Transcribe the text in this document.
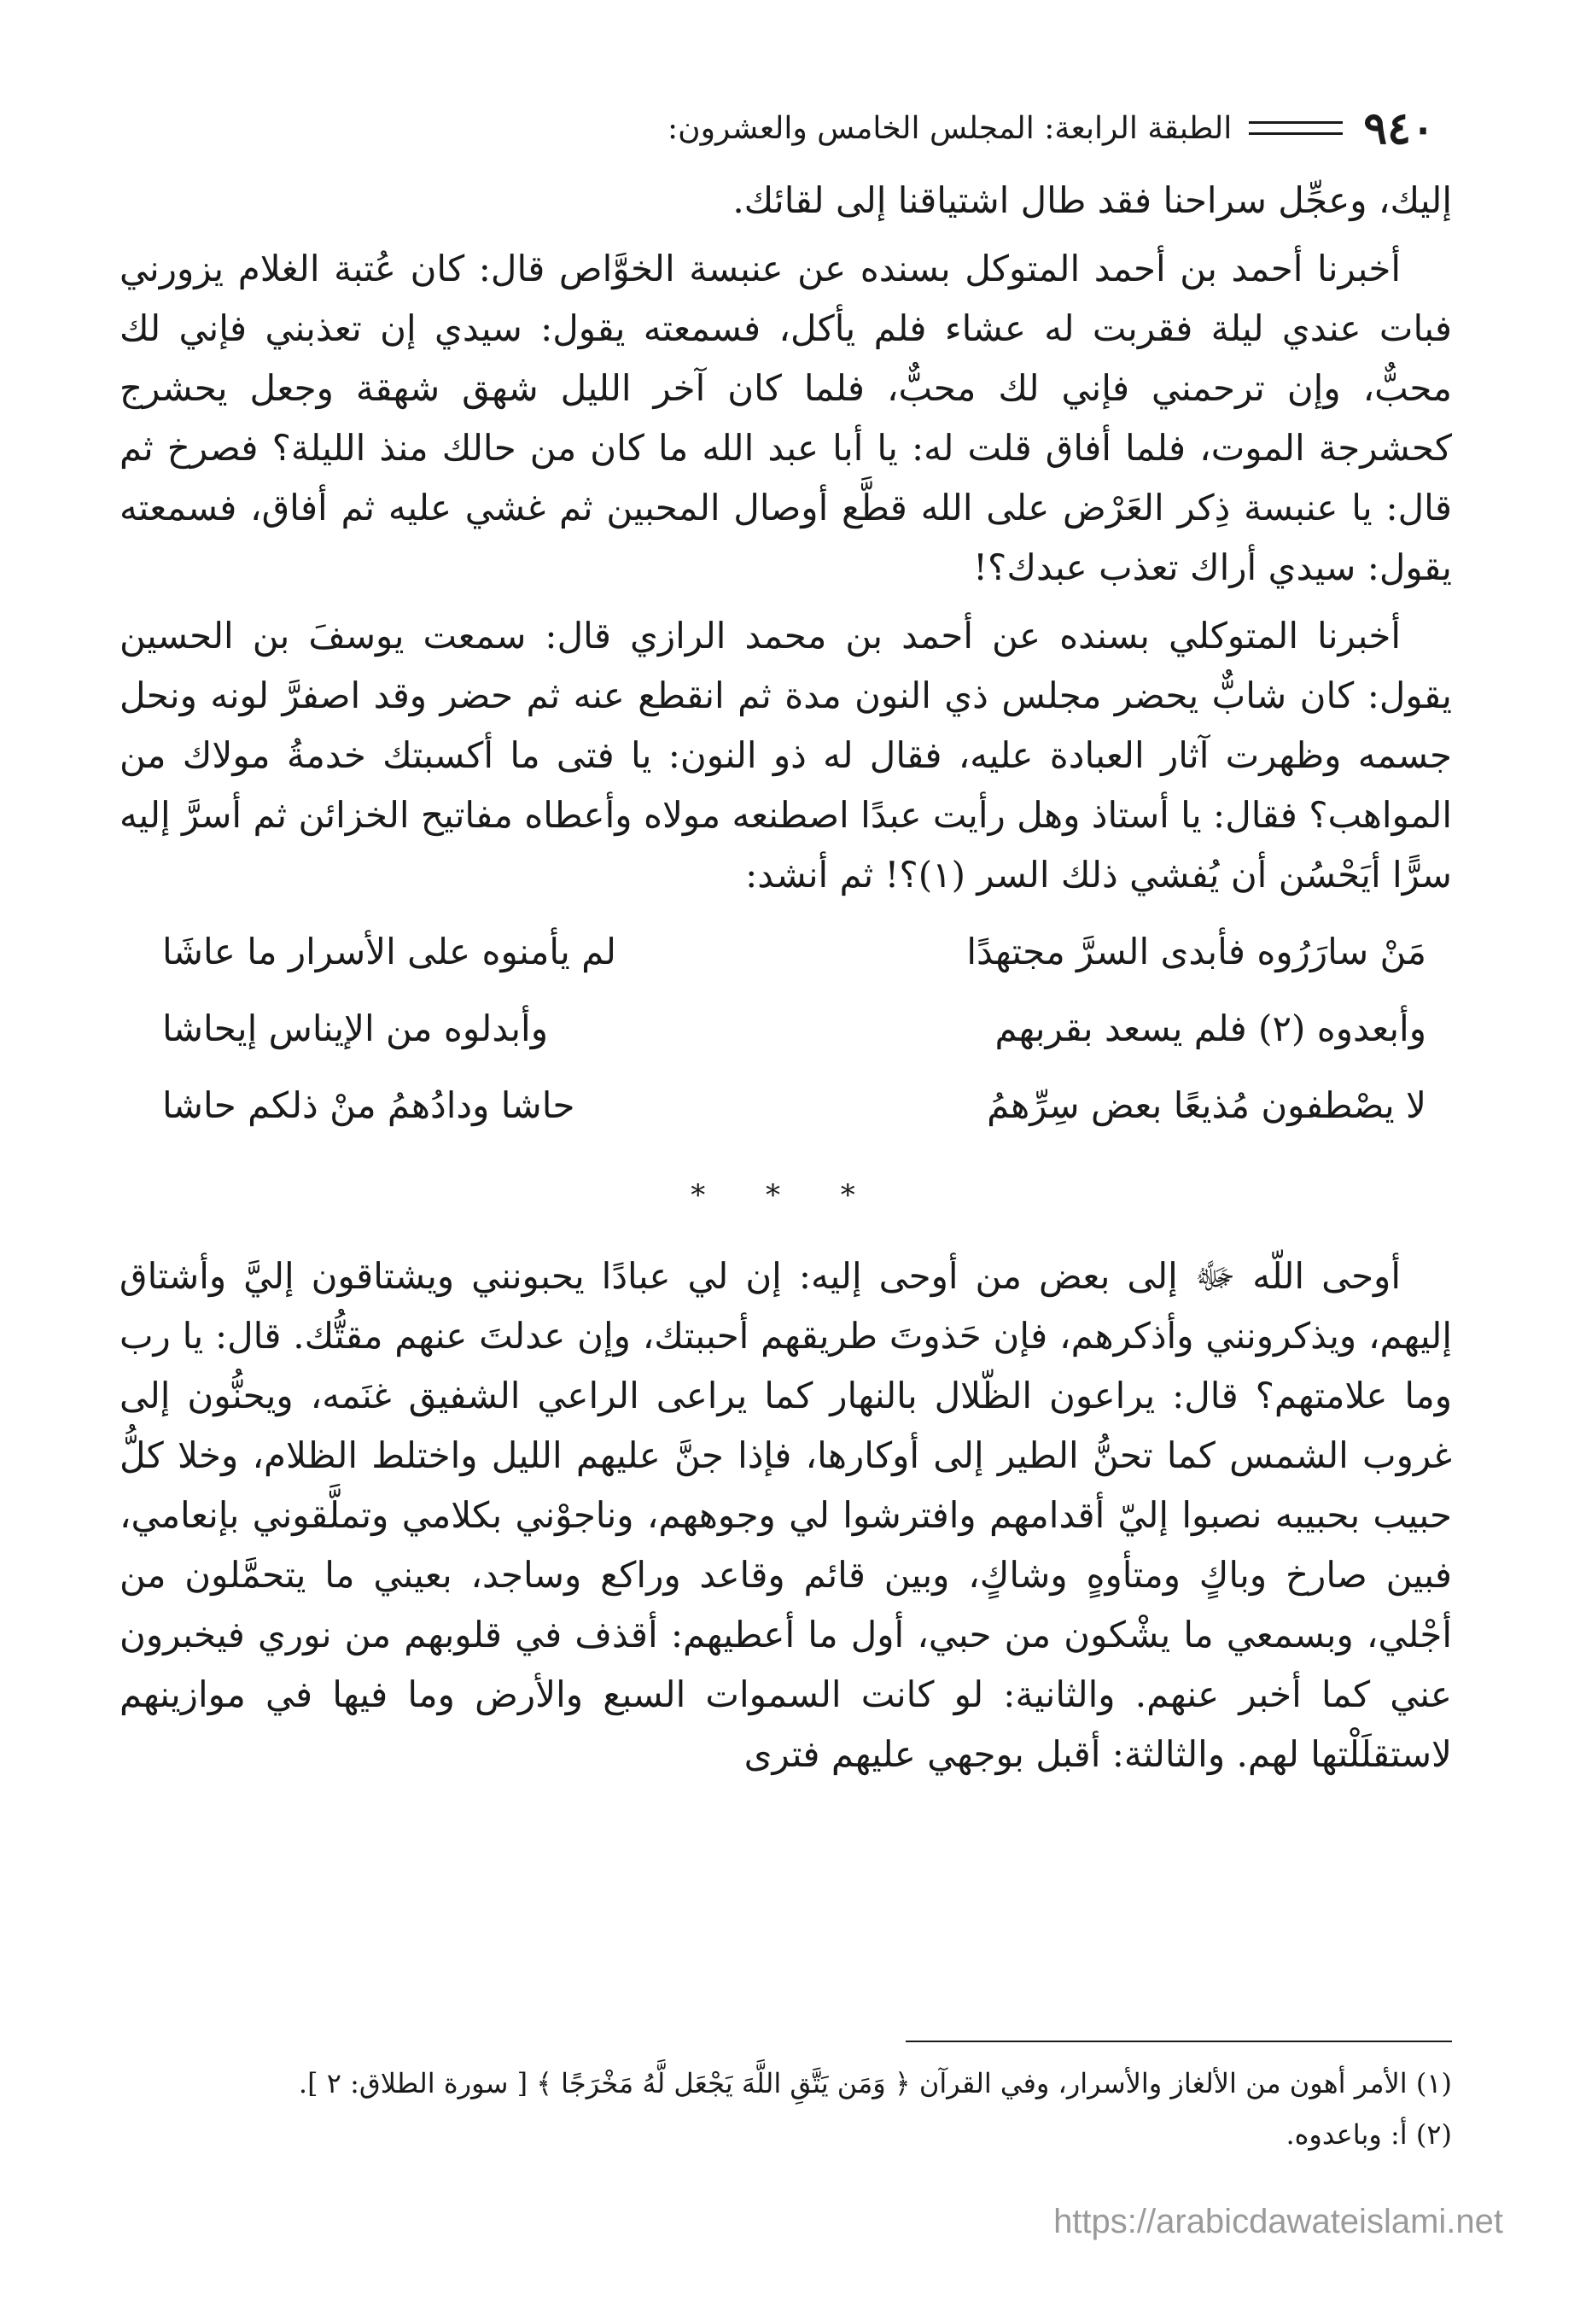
٩٤٠
الطبقة الرابعة: المجلس الخامس والعشرون:

إليك، وعجِّل سراحنا فقد طال اشتياقنا إلى لقائك.

أخبرنا أحمد بن أحمد المتوكل بسنده عن عنبسة الخوَّاص قال: كان عُتبة الغلام يزورني فبات عندي ليلة فقربت له عشاء فلم يأكل، فسمعته يقول: سيدي إن تعذبني فإني لك محبٌّ، وإن ترحمني فإني لك محبٌّ، فلما كان آخر الليل شهق شهقة وجعل يحشرج كحشرجة الموت، فلما أفاق قلت له: يا أبا عبد الله ما كان من حالك منذ الليلة؟ فصرخ ثم قال: يا عنبسة ذِكر العَرْض على الله قطَّع أوصال المحبين ثم غشي عليه ثم أفاق، فسمعته يقول: سيدي أراك تعذب عبدك؟!

أخبرنا المتوكلي بسنده عن أحمد بن محمد الرازي قال: سمعت يوسفَ بن الحسين يقول: كان شابٌّ يحضر مجلس ذي النون مدة ثم انقطع عنه ثم حضر وقد اصفرَّ لونه ونحل جسمه وظهرت آثار العبادة عليه، فقال له ذو النون: يا فتى ما أكسبتك خدمةُ مولاك من المواهب؟ فقال: يا أستاذ وهل رأيت عبدًا اصطنعه مولاه وأعطاه مفاتيح الخزائن ثم أسرَّ إليه سرًّا أيَحْسُن أن يُفشي ذلك السر (١)؟! ثم أنشد:

مَنْ سارَرُوه فأبدى السرَّ مجتهدًا
لم يأمنوه على الأسرار ما عاشَا
وأبعدوه (٢) فلم يسعد بقربهم
وأبدلوه من الإيناس إيحاشا
لا يصْطفون مُذيعًا بعض سِرِّهمُ
حاشا ودادُهمُ منْ ذلكم حاشا
* * *

أوحى اللّه ﷻ إلى بعض من أوحى إليه: إن لي عبادًا يحبونني ويشتاقون إليَّ وأشتاق إليهم، ويذكرونني وأذكرهم، فإن حَذوتَ طريقهم أحببتك، وإن عدلتَ عنهم مقتُّك. قال: يا رب وما علامتهم؟ قال: يراعون الظّلال بالنهار كما يراعى الراعي الشفيق غنَمه، ويحنُّون إلى غروب الشمس كما تحنُّ الطير إلى أوكارها، فإذا جنَّ عليهم الليل واختلط الظلام، وخلا كلُّ حبيب بحبيبه نصبوا إليّ أقدامهم وافترشوا لي وجوههم، وناجوْني بكلامي وتملَّقوني بإنعامي، فبين صارخ وباكٍ ومتأوهٍ وشاكٍ، وبين قائم وقاعد وراكع وساجد، بعيني ما يتحمَّلون من أجْلي، وبسمعي ما يشْكون من حبي، أول ما أعطيهم: أقذف في قلوبهم من نوري فيخبرون عني كما أخبر عنهم. والثانية: لو كانت السموات السبع والأرض وما فيها في موازينهم لاستقلَلْتها لهم. والثالثة: أقبل بوجهي عليهم فترى

(١) الأمر أهون من الألغاز والأسرار، وفي القرآن ﴿ وَمَن يَتَّقِ اللَّهَ يَجْعَل لَّهُ مَخْرَجًا ﴾ [ سورة الطلاق: ٢ ].
(٢) أ: وباعدوه.
https://arabicdawateislami.net
